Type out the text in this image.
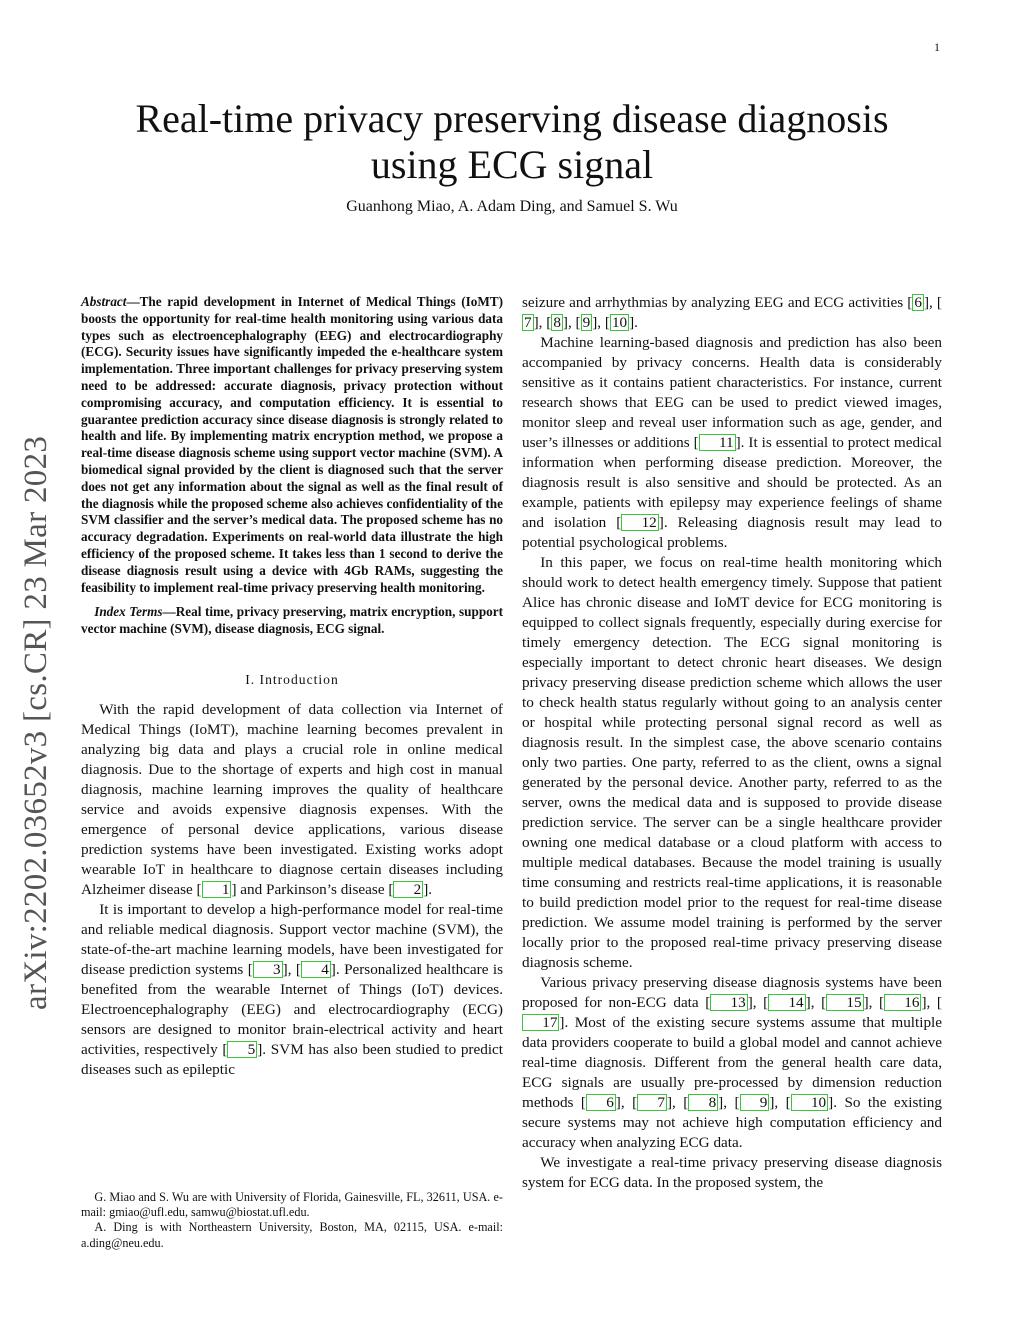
1
arXiv:2202.03652v3 [cs.CR] 23 Mar 2023
Real-time privacy preserving disease diagnosis
using ECG signal

Guanhong Miao, A. Adam Ding, and Samuel S. Wu

Abstract—The rapid development in Internet of Medical Things (IoMT) boosts the opportunity for real-time health monitoring using various data types such as electroencephalography (EEG) and electrocardiography (ECG). Security issues have significantly impeded the e-healthcare system implementation. Three important challenges for privacy preserving system need to be addressed: accurate diagnosis, privacy protection without compromising accuracy, and computation efficiency. It is essential to guarantee prediction accuracy since disease diagnosis is strongly related to health and life. By implementing matrix encryption method, we propose a real-time disease diagnosis scheme using support vector machine (SVM). A biomedical signal provided by the client is diagnosed such that the server does not get any information about the signal as well as the final result of the diagnosis while the proposed scheme also achieves confidentiality of the SVM classifier and the server’s medical data. The proposed scheme has no accuracy degradation. Experiments on real-world data illustrate the high efficiency of the proposed scheme. It takes less than 1 second to derive the disease diagnosis result using a device with 4Gb RAMs, suggesting the feasibility to implement real-time privacy preserving health monitoring.

 Index Terms—Real time, privacy preserving, matrix encryption, support vector machine (SVM), disease diagnosis, ECG signal.

I. Introduction

With the rapid development of data collection via Internet of Medical Things (IoMT), machine learning becomes prevalent in analyzing big data and plays a crucial role in online medical diagnosis. Due to the shortage of experts and high cost in manual diagnosis, machine learning improves the quality of healthcare service and avoids expensive diagnosis expenses. With the emergence of personal device applications, various disease prediction systems have been investigated. Existing works adopt wearable IoT in healthcare to diagnose certain diseases including Alzheimer disease [ 1 ] and Parkinson’s disease [ 2 ].

It is important to develop a high-performance model for real-time and reliable medical diagnosis. Support vector machine (SVM), the state-of-the-art machine learning models, have been investigated for disease prediction systems [ 3 ], [ 4 ]. Personalized healthcare is benefited from the wearable Internet of Things (IoT) devices. Electroencephalography (EEG) and electrocardiography (ECG) sensors are designed to monitor brain-electrical activity and heart activities, respectively [ 5 ]. SVM has also been studied to predict diseases such as epileptic

G. Miao and S. Wu are with University of Florida, Gainesville, FL, 32611, USA. e-mail: gmiao@ufl.edu, samwu@biostat.ufl.edu.

A. Ding is with Northeastern University, Boston, MA, 02115, USA. e-mail: a.ding@neu.edu.

seizure and arrhythmias by analyzing EEG and ECG activities [ 6 ], [7 ], [ 8 ], [ 9 ], [ 10 ].

Machine learning-based diagnosis and prediction has also been accompanied by privacy concerns. Health data is considerably sensitive as it contains patient characteristics. For instance, current research shows that EEG can be used to predict viewed images, monitor sleep and reveal user information such as age, gender, and user’s illnesses or additions [ 11 ]. It is essential to protect medical information when performing disease prediction. Moreover, the diagnosis result is also sensitive and should be protected. As an example, patients with epilepsy may experience feelings of shame and isolation [ 12 ]. Releasing diagnosis result may lead to potential psychological problems.

In this paper, we focus on real-time health monitoring which should work to detect health emergency timely. Suppose that patient Alice has chronic disease and IoMT device for ECG monitoring is equipped to collect signals frequently, especially during exercise for timely emergency detection. The ECG signal monitoring is especially important to detect chronic heart diseases. We design privacy preserving disease prediction scheme which allows the user to check health status regularly without going to an analysis center or hospital while protecting personal signal record as well as diagnosis result. In the simplest case, the above scenario contains only two parties. One party, referred to as the client, owns a signal generated by the personal device. Another party, referred to as the server, owns the medical data and is supposed to provide disease prediction service. The server can be a single healthcare provider owning one medical database or a cloud platform with access to multiple medical databases. Because the model training is usually time consuming and restricts real-time applications, it is reasonable to build prediction model prior to the request for real-time disease prediction. We assume model training is performed by the server locally prior to the proposed real-time privacy preserving disease diagnosis scheme.

Various privacy preserving disease diagnosis systems have been proposed for non-ECG data [ 13 ], [ 14 ], [ 15 ], [ 16 ], [17 ]. Most of the existing secure systems assume that multiple data providers cooperate to build a global model and cannot achieve real-time diagnosis. Different from the general health care data, ECG signals are usually pre-processed by dimension reduction methods [ 6 ], [ 7 ], [ 8 ], [ 9 ], [ 10 ]. So the existing secure systems may not achieve high computation efficiency and accuracy when analyzing ECG data.

We investigate a real-time privacy preserving disease diagnosis system for ECG data. In the proposed system, the
